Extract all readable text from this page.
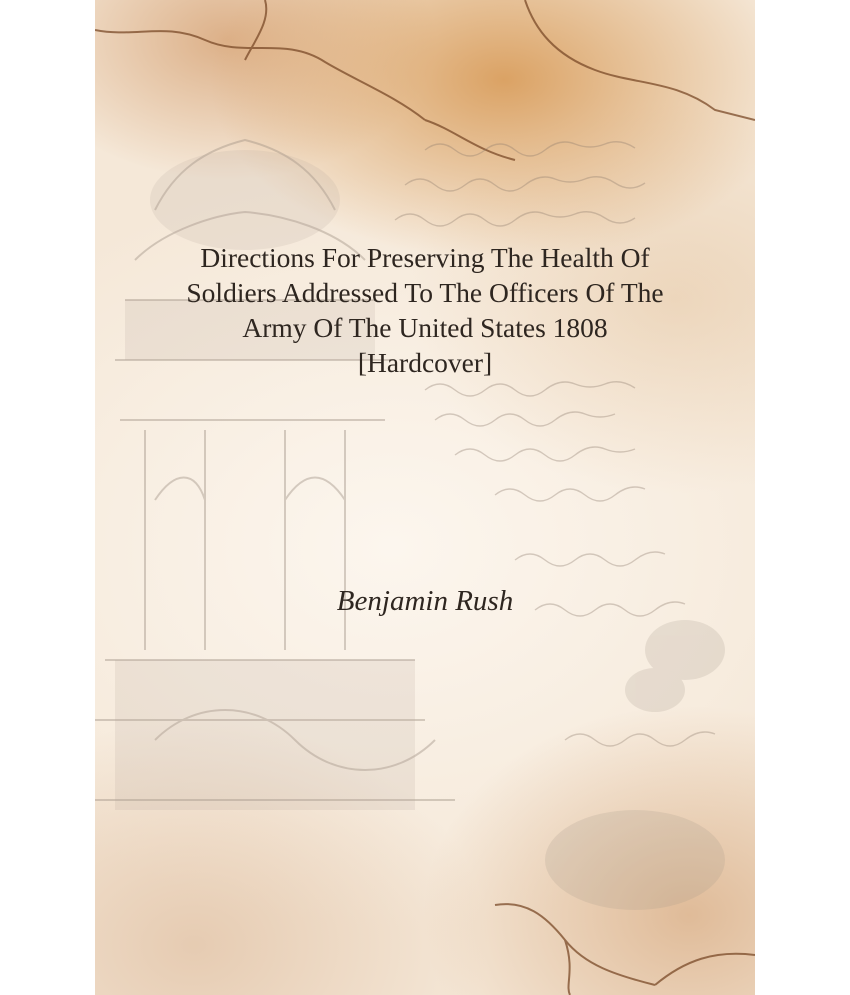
Directions For Preserving The Health Of
Soldiers Addressed To The Officers Of The
Army Of The United States 1808
[Hardcover]
Benjamin Rush
